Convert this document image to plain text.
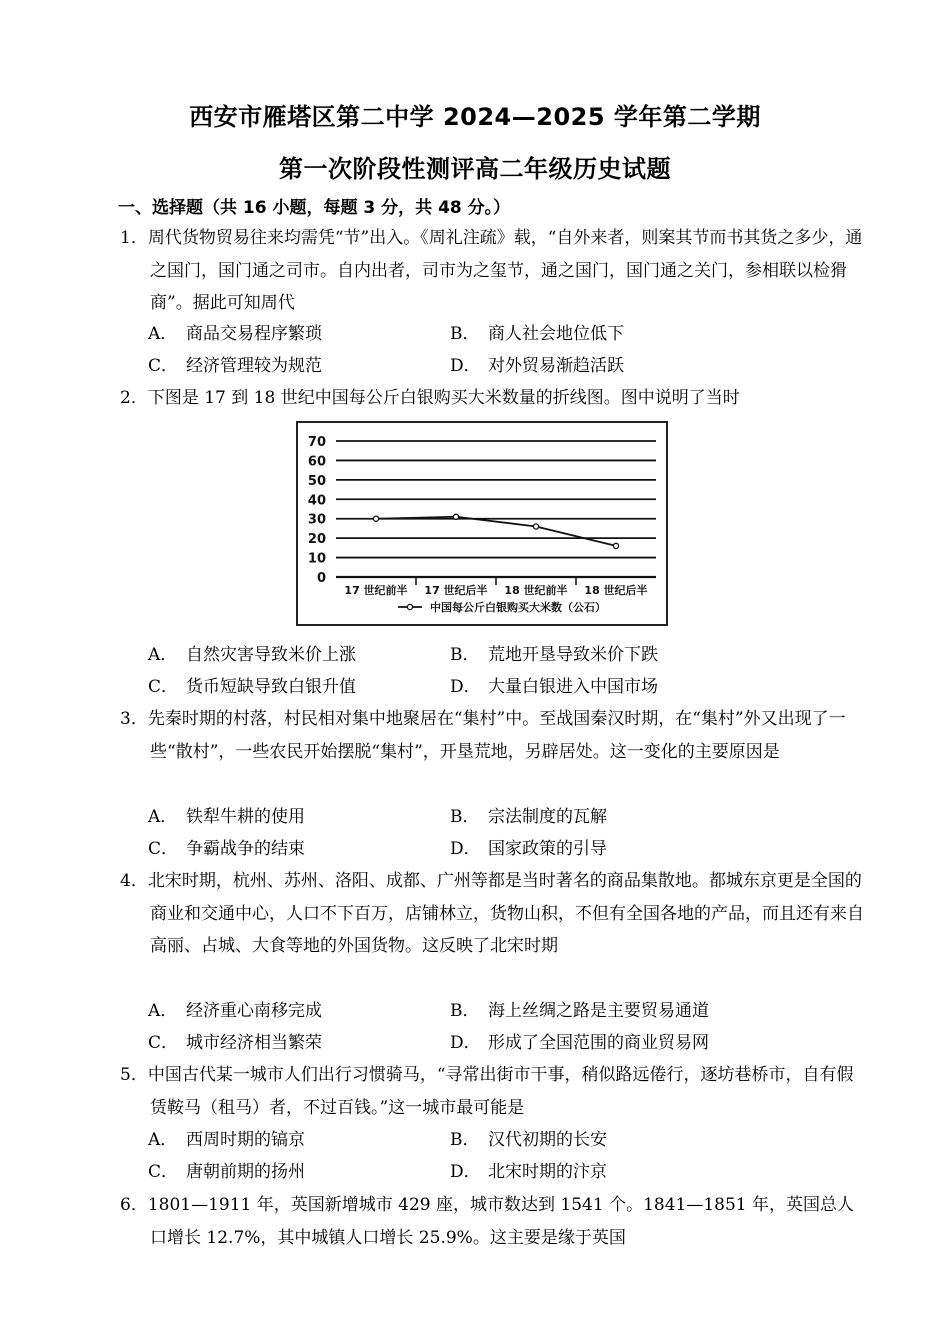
西安市雁塔区第二中学 2024—2025 学年第二学期
第一次阶段性测评高二年级历史试题
一、选择题（共 16 小题，每题 3 分，共 48 分。）
1．周代货物贸易往来均需凭“节”出入。《周礼注疏》载，“自外来者，则案其节而书其货之多少，通之国门，国门通之司市。自内出者，司市为之玺节，通之国门，国门通之关门，参相联以检猾商”。据此可知周代
A． 商品交易程序繁琐	B． 商人社会地位低下
C． 经济管理较为规范	D． 对外贸易渐趋活跃
2．下图是 17 到 18 世纪中国每公斤白银购买大米数量的折线图。图中说明了当时
0
10
20
30
40
50
60
70
17 世纪前半 17 世纪后半 18 世纪前半 18 世纪后半
中国每公斤白银购买大米数（公石）
A． 自然灾害导致米价上涨	B． 荒地开垦导致米价下跌
C． 货币短缺导致白银升值	D． 大量白银进入中国市场
3．先秦时期的村落，村民相对集中地聚居在“集村”中。至战国秦汉时期，在“集村”外又出现了一些“散村”，一些农民开始摆脱“集村”，开垦荒地，另辟居处。这一变化的主要原因是
A． 铁犁牛耕的使用	B． 宗法制度的瓦解
C． 争霸战争的结束	D． 国家政策的引导
4．北宋时期，杭州、苏州、洛阳、成都、广州等都是当时著名的商品集散地。都城东京更是全国的商业和交通中心，人口不下百万，店铺林立，货物山积，不但有全国各地的产品，而且还有来自高丽、占城、大食等地的外国货物。这反映了北宋时期
A． 经济重心南移完成	B． 海上丝绸之路是主要贸易通道
C． 城市经济相当繁荣	D． 形成了全国范围的商业贸易网
5．中国古代某一城市人们出行习惯骑马，“寻常出街市干事，稍似路远倦行，逐坊巷桥市，自有假赁鞍马（租马）者，不过百钱。”这一城市最可能是
A． 西周时期的镐京	B． 汉代初期的长安
C． 唐朝前期的扬州	D． 北宋时期的汴京
6．1801—1911 年，英国新增城市 429 座，城市数达到 1541 个。1841—1851 年，英国总人口增长 12.7%，其中城镇人口增长 25.9%。这主要是缘于英国
